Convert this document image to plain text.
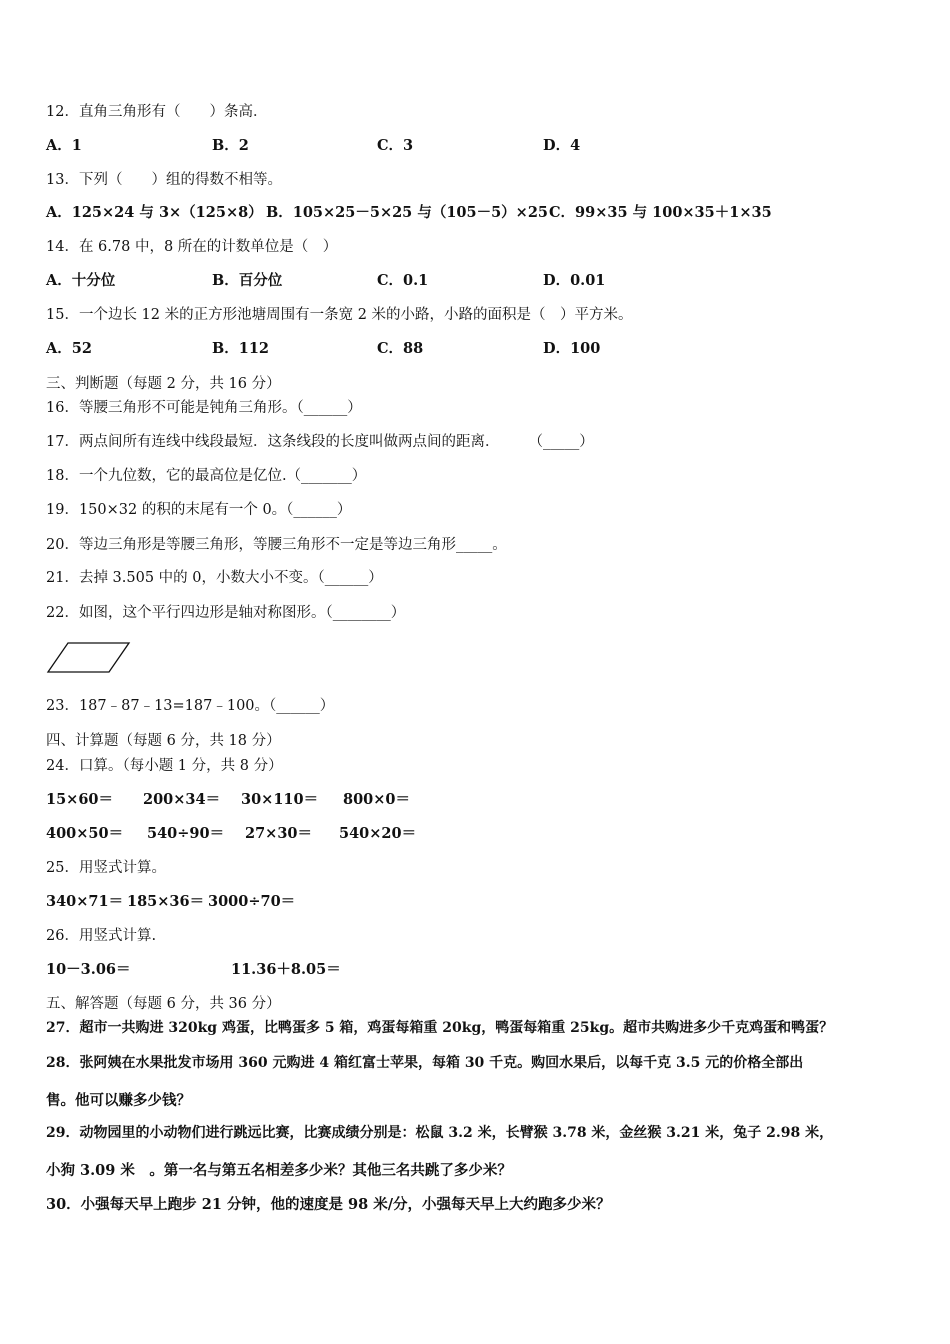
12．直角三角形有（　　）条高．
A．1	B．2	C．3	D．4
13．下列（　　）组的得数不相等。
A．125×24 与 3×（125×8） B．105×25－5×25 与（105－5）×25 C．99×35 与 100×35＋1×35
14．在 6.78 中，8 所在的计数单位是（　）
A．十分位	B．百分位	C．0.1	D．0.01
15．一个边长 12 米的正方形池塘周围有一条宽 2 米的小路，小路的面积是（　）平方米。
A．52	B．112	C．88	D．100
三、判断题（每题 2 分，共 16 分）
16．等腰三角形不可能是钝角三角形。（______）
17．两点间所有连线中线段最短．这条线段的长度叫做两点间的距离．　　　（_____）
18．一个九位数，它的最高位是亿位.（_______）
19．150×32 的积的末尾有一个 0。（______）
20．等边三角形是等腰三角形，等腰三角形不一定是等边三角形_____。
21．去掉 3.505 中的 0，小数大小不变。（______）
22．如图，这个平行四边形是轴对称图形。（________）
23．187﹣87﹣13=187﹣100。（______）
四、计算题（每题 6 分，共 18 分）
24．口算。（每小题 1 分，共 8 分）
15×60＝ 200×34＝ 30×110＝ 800×0＝
400×50＝ 540÷90＝ 27×30＝ 540×20＝
25．用竖式计算。
340×71＝ 185×36＝ 3000÷70＝
26．用竖式计算.
10－3.06＝	11.36＋8.05＝
五、解答题（每题 6 分，共 36 分）
27．超市一共购进 320kg 鸡蛋，比鸭蛋多 5 箱，鸡蛋每箱重 20kg，鸭蛋每箱重 25kg。超市共购进多少千克鸡蛋和鸭蛋？
28．张阿姨在水果批发市场用 360 元购进 4 箱红富士苹果，每箱 30 千克。购回水果后，以每千克 3.5 元的价格全部出
售。他可以赚多少钱？
29．动物园里的小动物们进行跳远比赛，比赛成绩分别是：松鼠 3.2 米，长臂猴 3.78 米，金丝猴 3.21 米，兔子 2.98 米，
小狗 3.09 米　。第一名与第五名相差多少米？其他三名共跳了多少米？
30．小强每天早上跑步 21 分钟，他的速度是 98 米/分，小强每天早上大约跑多少米？
